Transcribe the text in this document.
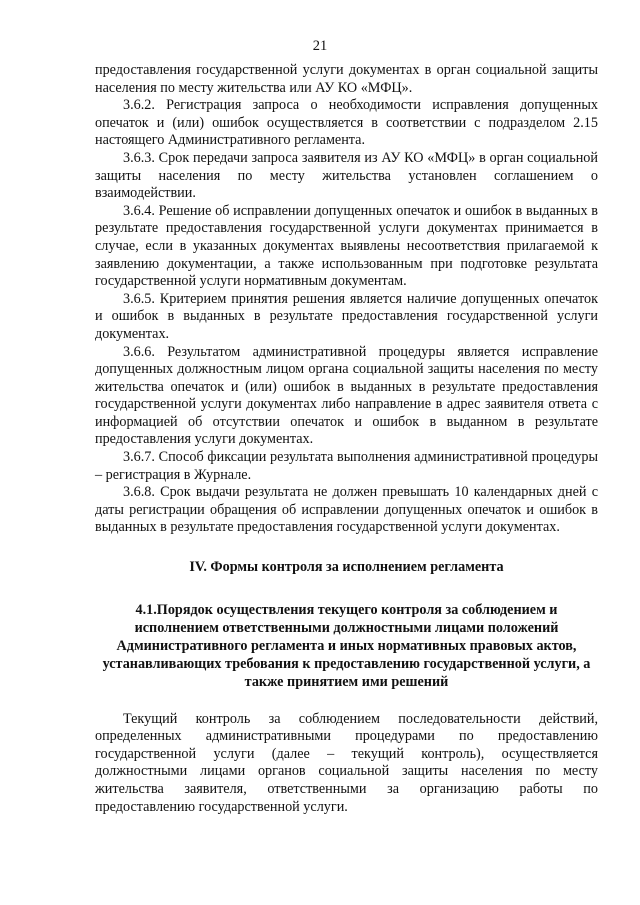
21

предоставления государственной услуги документах в орган социальной защиты населения по месту жительства или АУ КО «МФЦ».

3.6.2. Регистрация запроса о необходимости исправления допущенных опечаток и (или) ошибок осуществляется в соответствии с подразделом 2.15 настоящего Административного регламента.

3.6.3. Срок передачи запроса заявителя из АУ КО «МФЦ» в орган социальной защиты населения по месту жительства установлен соглашением о взаимодействии.

3.6.4. Решение об исправлении допущенных опечаток и ошибок в выданных в результате предоставления государственной услуги документах принимается в случае, если в указанных документах выявлены несоответствия прилагаемой к заявлению документации, а также использованным при подготовке результата государственной услуги нормативным документам.

3.6.5. Критерием принятия решения является наличие допущенных опечаток и ошибок в выданных в результате предоставления государственной услуги документах.

3.6.6. Результатом административной процедуры является исправление допущенных должностным лицом органа социальной защиты населения по месту жительства опечаток и (или) ошибок в выданных в результате предоставления государственной услуги документах либо направление в адрес заявителя ответа с информацией об отсутствии опечаток и ошибок в выданном в результате предоставления услуги документах.

3.6.7. Способ фиксации результата выполнения административной процедуры – регистрация в Журнале.

3.6.8. Срок выдачи результата не должен превышать 10 календарных дней с даты регистрации обращения об исправлении допущенных опечаток и ошибок в выданных в результате предоставления государственной услуги документах.

IV. Формы контроля за исполнением регламента

4.1.Порядок осуществления текущего контроля за соблюдением и исполнением ответственными должностными лицами положений Административного регламента и иных нормативных правовых актов, устанавливающих требования к предоставлению государственной услуги, а также принятием ими решений

Текущий контроль за соблюдением последовательности действий, определенных административными процедурами по предоставлению государственной услуги (далее – текущий контроль), осуществляется должностными лицами органов социальной защиты населения по месту жительства заявителя, ответственными за организацию работы по предоставлению государственной услуги.
